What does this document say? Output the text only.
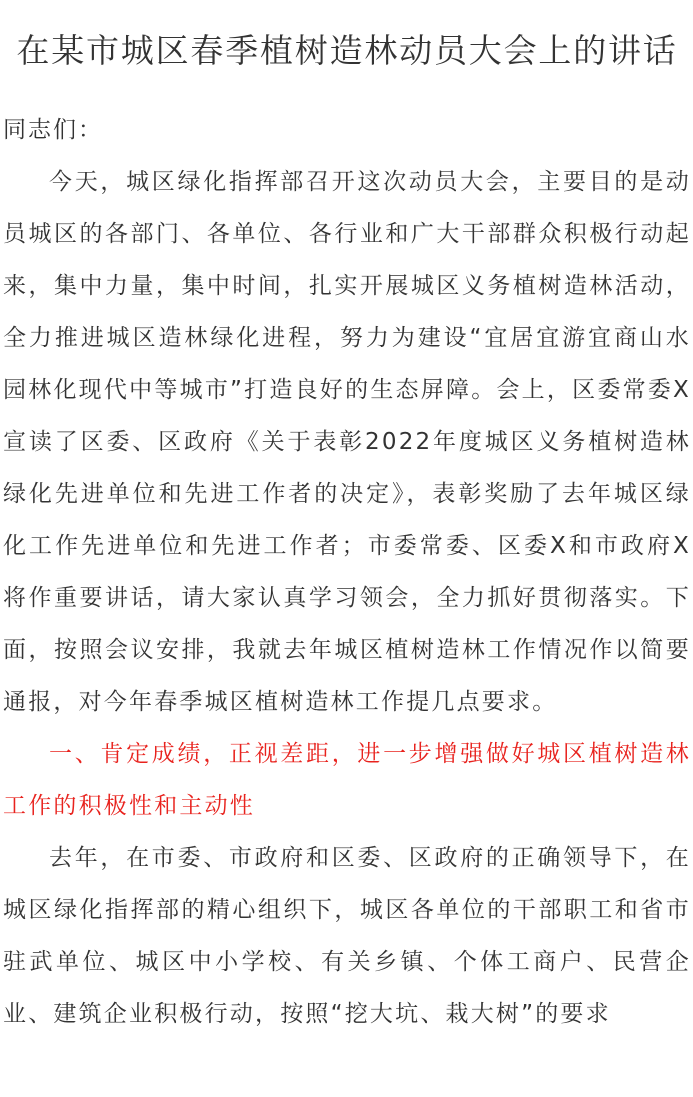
在某市城区春季植树造林动员大会上的讲话

同志们：

今天，城区绿化指挥部召开这次动员大会，主要目的是动员城区的各部门、各单位、各行业和广大干部群众积极行动起来，集中力量，集中时间，扎实开展城区义务植树造林活动，全力推进城区造林绿化进程，努力为建设“宜居宜游宜商山水园林化现代中等城市”打造良好的生态屏障。会上，区委常委X宣读了区委、区政府《关于表彰2022年度城区义务植树造林绿化先进单位和先进工作者的决定》，表彰奖励了去年城区绿化工作先进单位和先进工作者；市委常委、区委X和市政府X将作重要讲话，请大家认真学习领会，全力抓好贯彻落实。下面，按照会议安排，我就去年城区植树造林工作情况作以简要通报，对今年春季城区植树造林工作提几点要求。

一、肯定成绩，正视差距，进一步增强做好城区植树造林工作的积极性和主动性

去年，在市委、市政府和区委、区政府的正确领导下，在城区绿化指挥部的精心组织下，城区各单位的干部职工和省市驻武单位、城区中小学校、有关乡镇、个体工商户、民营企业、建筑企业积极行动，按照“挖大坑、栽大树”的要求
